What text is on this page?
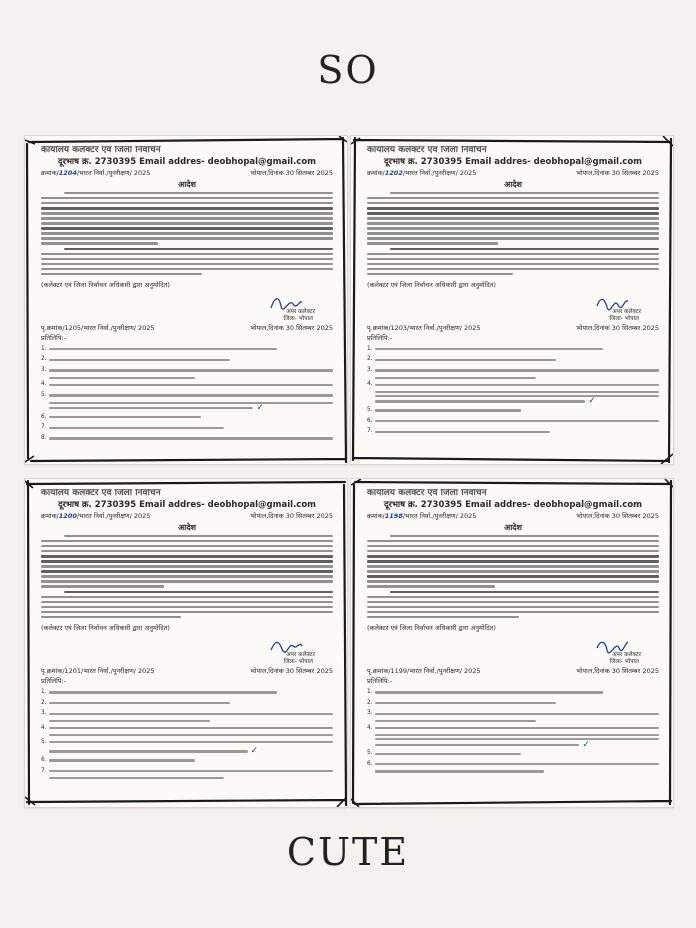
SO
कार्यालय कलेक्टर एवं जिला निर्वाचन
दूरभाष क्र. 2730395 Email addres- deobhopal@gmail.com
क्रमांक/1204/भारत निर्वा./पुनरीक्षण/ 2025	भोपाल,दिनांक 30 सितम्बर 2025
आदेश
(कलेक्टर एवं जिला निर्वाचन अधिकारी द्वारा अनुमोदित)
अपर कलेक्टर
जिला- भोपाल
पृ.क्रमांक/1205/भारत निर्वा./पुनरीक्षण/ 2025	भोपाल,दिनांक 30 सितम्बर 2025
प्रतिलिपि:-
1.
2.
3.
4.
5.
✓
6.
7.
8.
कार्यालय कलेक्टर एवं जिला निर्वाचन
दूरभाष क्र. 2730395 Email addres- deobhopal@gmail.com
क्रमांक/1202/भारत निर्वा./पुनरीक्षण/ 2025	भोपाल,दिनांक 30 सितम्बर 2025
आदेश
(कलेक्टर एवं जिला निर्वाचन अधिकारी द्वारा अनुमोदित)
अपर कलेक्टर
जिला- भोपाल
पृ.क्रमांक/1203/भारत निर्वा./पुनरीक्षण/ 2025	भोपाल,दिनांक 30 सितम्बर 2025
प्रतिलिपि:-
1.
2.
3.
4.
✓
5.
6.
7.
कार्यालय कलेक्टर एवं जिला निर्वाचन
दूरभाष क्र. 2730395 Email addres- deobhopal@gmail.com
क्रमांक/1200/भारत निर्वा./पुनरीक्षण/ 2025	भोपाल,दिनांक 30 सितम्बर 2025
आदेश
(कलेक्टर एवं जिला निर्वाचन अधिकारी द्वारा अनुमोदित)
अपर कलेक्टर
जिला- भोपाल
पृ.क्रमांक/1201/भारत निर्वा./पुनरीक्षण/ 2025	भोपाल,दिनांक 30 सितम्बर 2025
प्रतिलिपि:-
1.
2.
3.
4.
5.
✓
6.
7.
कार्यालय कलेक्टर एवं जिला निर्वाचन
दूरभाष क्र. 2730395 Email addres- deobhopal@gmail.com
क्रमांक/1198/भारत निर्वा./पुनरीक्षण/ 2025	भोपाल,दिनांक 30 सितम्बर 2025
आदेश
(कलेक्टर एवं जिला निर्वाचन अधिकारी द्वारा अनुमोदित)
अपर कलेक्टर
जिला- भोपाल
पृ.क्रमांक/1199/भारत निर्वा./पुनरीक्षण/ 2025	भोपाल,दिनांक 30 सितम्बर 2025
प्रतिलिपि:-
1.
2.
3.
4.
✓
5.
6.
CUTE
